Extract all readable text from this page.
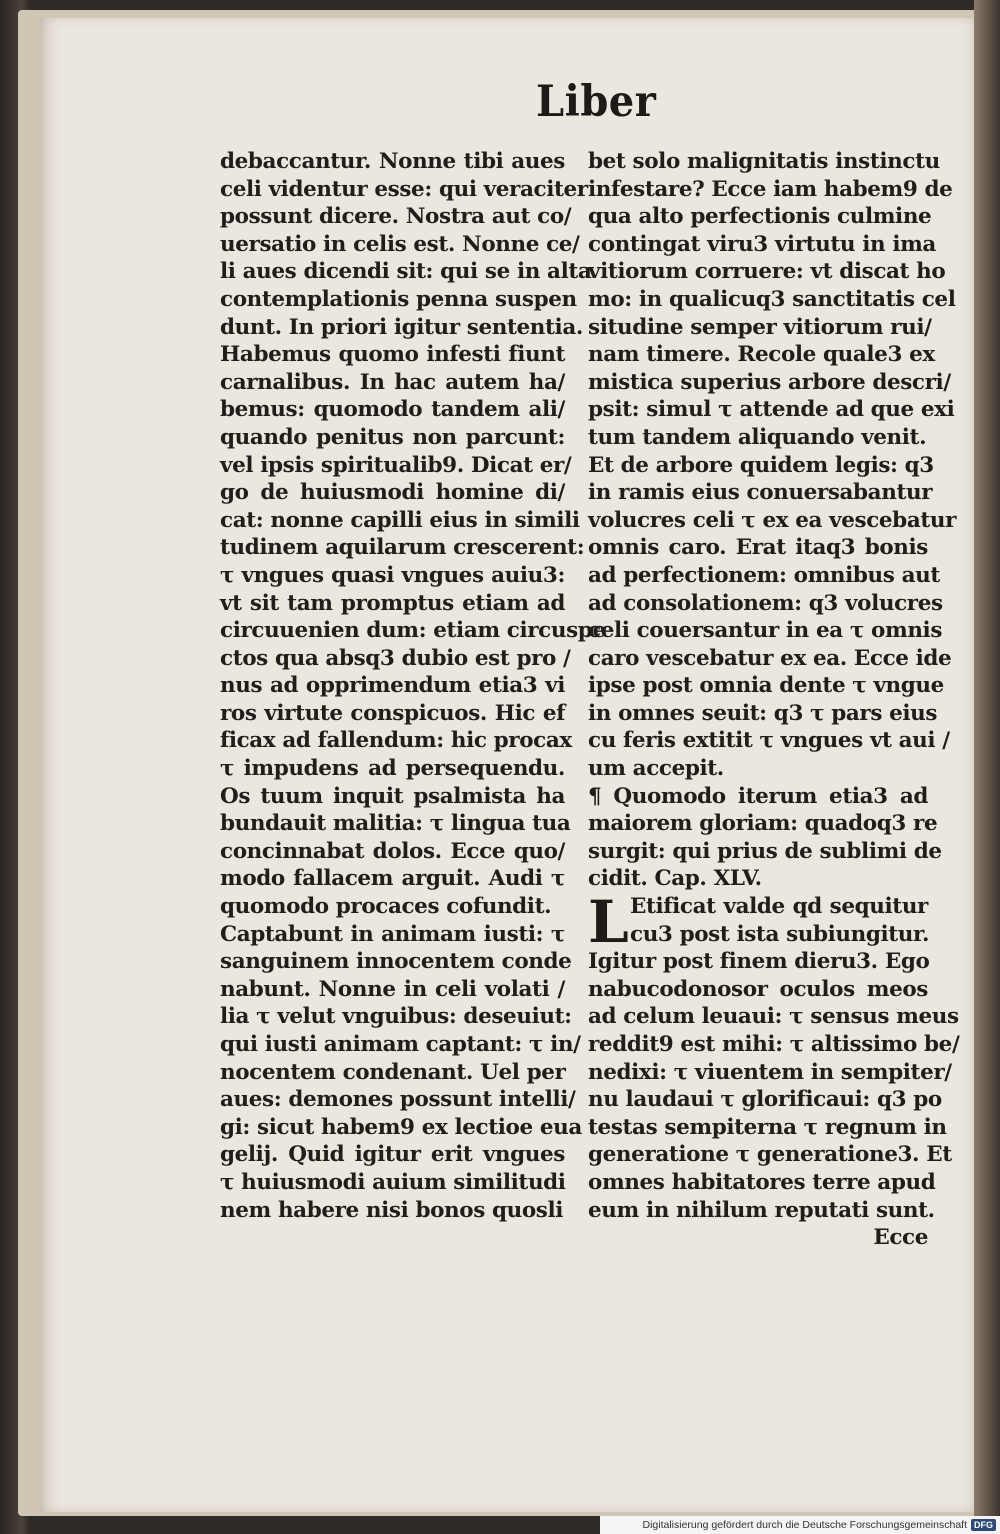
Liber
debaccantur. Nonne tibi aues
celi videntur esse: qui veraciter
possunt dicere. Nostra aut co/
uersatio in celis est. Nonne ce/
li aues dicendi sit: qui se in alta
contemplationis penna suspen
dunt. In priori igitur sententia.
Habemus quomo infesti fiunt
carnalibus. In hac autem ha/
bemus: quomodo tandem ali/
quando penitus non parcunt:
vel ipsis spiritualib9. Dicat er/
go de huiusmodi homine di/
cat: nonne capilli eius in simili
tudinem aquilarum crescerent:
τ vngues quasi vngues auiu3:
vt sit tam promptus etiam ad
circuuenien dum: etiam circuspe
ctos qua absq3 dubio est pro /
nus ad opprimendum etia3 vi
ros virtute conspicuos. Hic ef
ficax ad fallendum: hic procax
τ impudens ad persequendu.
Os tuum inquit psalmista ha
bundauit malitia: τ lingua tua
concinnabat dolos. Ecce quo/
modo fallacem arguit. Audi τ
quomodo procaces cofundit.
Captabunt in animam iusti: τ
sanguinem innocentem conde
nabunt. Nonne in celi volati /
lia τ velut vnguibus: deseuiut:
qui iusti animam captant: τ in/
nocentem condenant. Uel per
aues: demones possunt intelli/
gi: sicut habem9 ex lectioe eua
gelij. Quid igitur erit vngues
τ huiusmodi auium similitudi
nem habere nisi bonos quosli
bet solo malignitatis instinctu
infestare? Ecce iam habem9 de
qua alto perfectionis culmine
contingat viru3 virtutu in ima
vitiorum corruere: vt discat ho
mo: in qualicuq3 sanctitatis cel
situdine semper vitiorum rui/
nam timere. Recole quale3 ex
mistica superius arbore descri/
psit: simul τ attende ad que exi
tum tandem aliquando venit.
Et de arbore quidem legis: q3
in ramis eius conuersabantur
volucres celi τ ex ea vescebatur
omnis caro. Erat itaq3 bonis
ad perfectionem: omnibus aut
ad consolationem: q3 volucres
celi couersantur in ea τ omnis
caro vescebatur ex ea. Ecce ide
ipse post omnia dente τ vngue
in omnes seuit: q3 τ pars eius
cu feris extitit τ vngues vt aui /
um accepit.
¶ Quomodo iterum etia3 ad
maiorem gloriam: quadoq3 re
surgit: qui prius de sublimi de
cidit. Cap. XLV.
L Etificat valde qd sequitur
cu3 post ista subiungitur.
Igitur post finem dieru3. Ego
nabucodonosor oculos meos
ad celum leuaui: τ sensus meus
reddit9 est mihi: τ altissimo be/
nedixi: τ viuentem in sempiter/
nu laudaui τ glorificaui: q3 po
testas sempiterna τ regnum in
generatione τ generatione3. Et
omnes habitatores terre apud
eum in nihilum reputati sunt.
Ecce
Digitalisierung gefördert durch die Deutsche Forschungsgemeinschaft DFG
